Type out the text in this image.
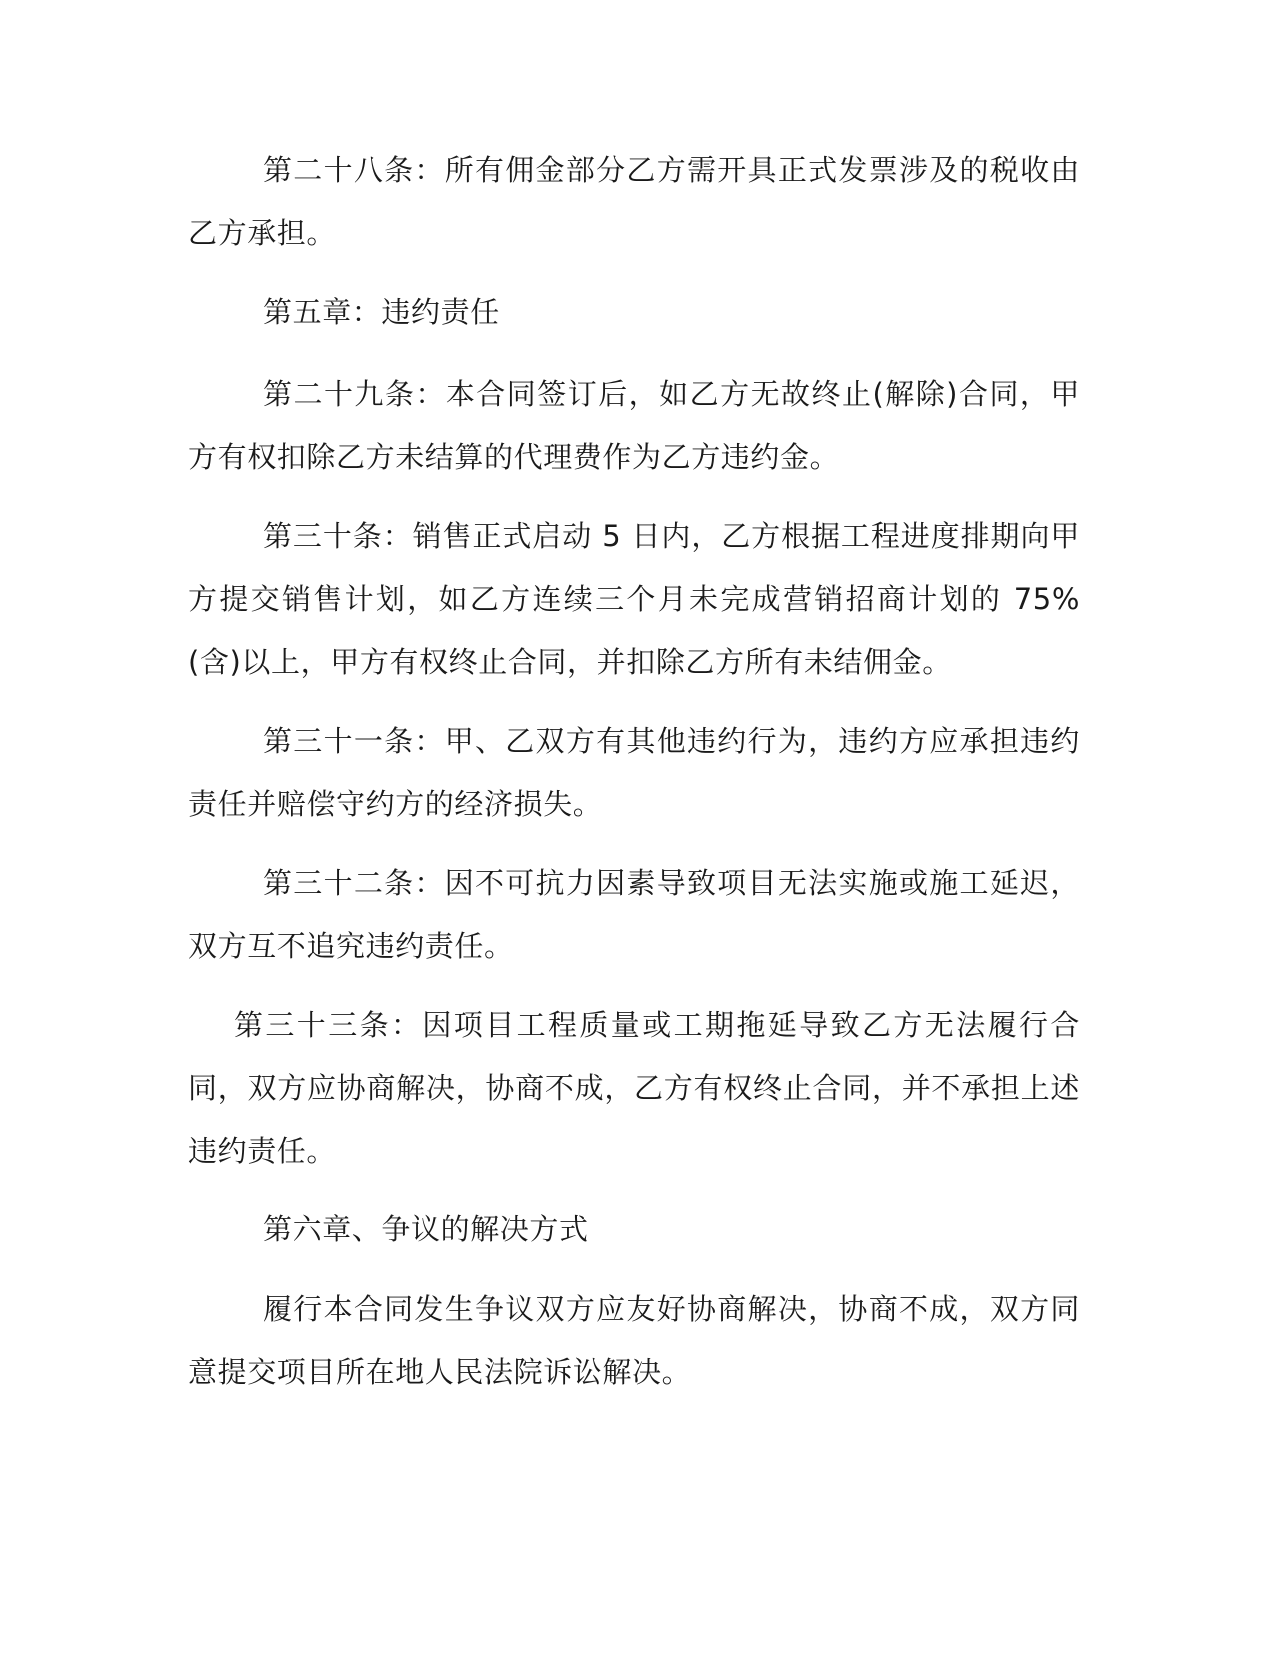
第二十八条：所有佣金部分乙方需开具正式发票涉及的税收由乙方承担。

第五章：违约责任

第二十九条：本合同签订后，如乙方无故终止(解除)合同，甲方有权扣除乙方未结算的代理费作为乙方违约金。

第三十条：销售正式启动 5 日内，乙方根据工程进度排期向甲方提交销售计划，如乙方连续三个月未完成营销招商计划的 75%(含)以上，甲方有权终止合同，并扣除乙方所有未结佣金。

第三十一条：甲、乙双方有其他违约行为，违约方应承担违约责任并赔偿守约方的经济损失。

第三十二条：因不可抗力因素导致项目无法实施或施工延迟，双方互不追究违约责任。

第三十三条：因项目工程质量或工期拖延导致乙方无法履行合同，双方应协商解决，协商不成，乙方有权终止合同，并不承担上述违约责任。

第六章、争议的解决方式

履行本合同发生争议双方应友好协商解决，协商不成，双方同意提交项目所在地人民法院诉讼解决。
